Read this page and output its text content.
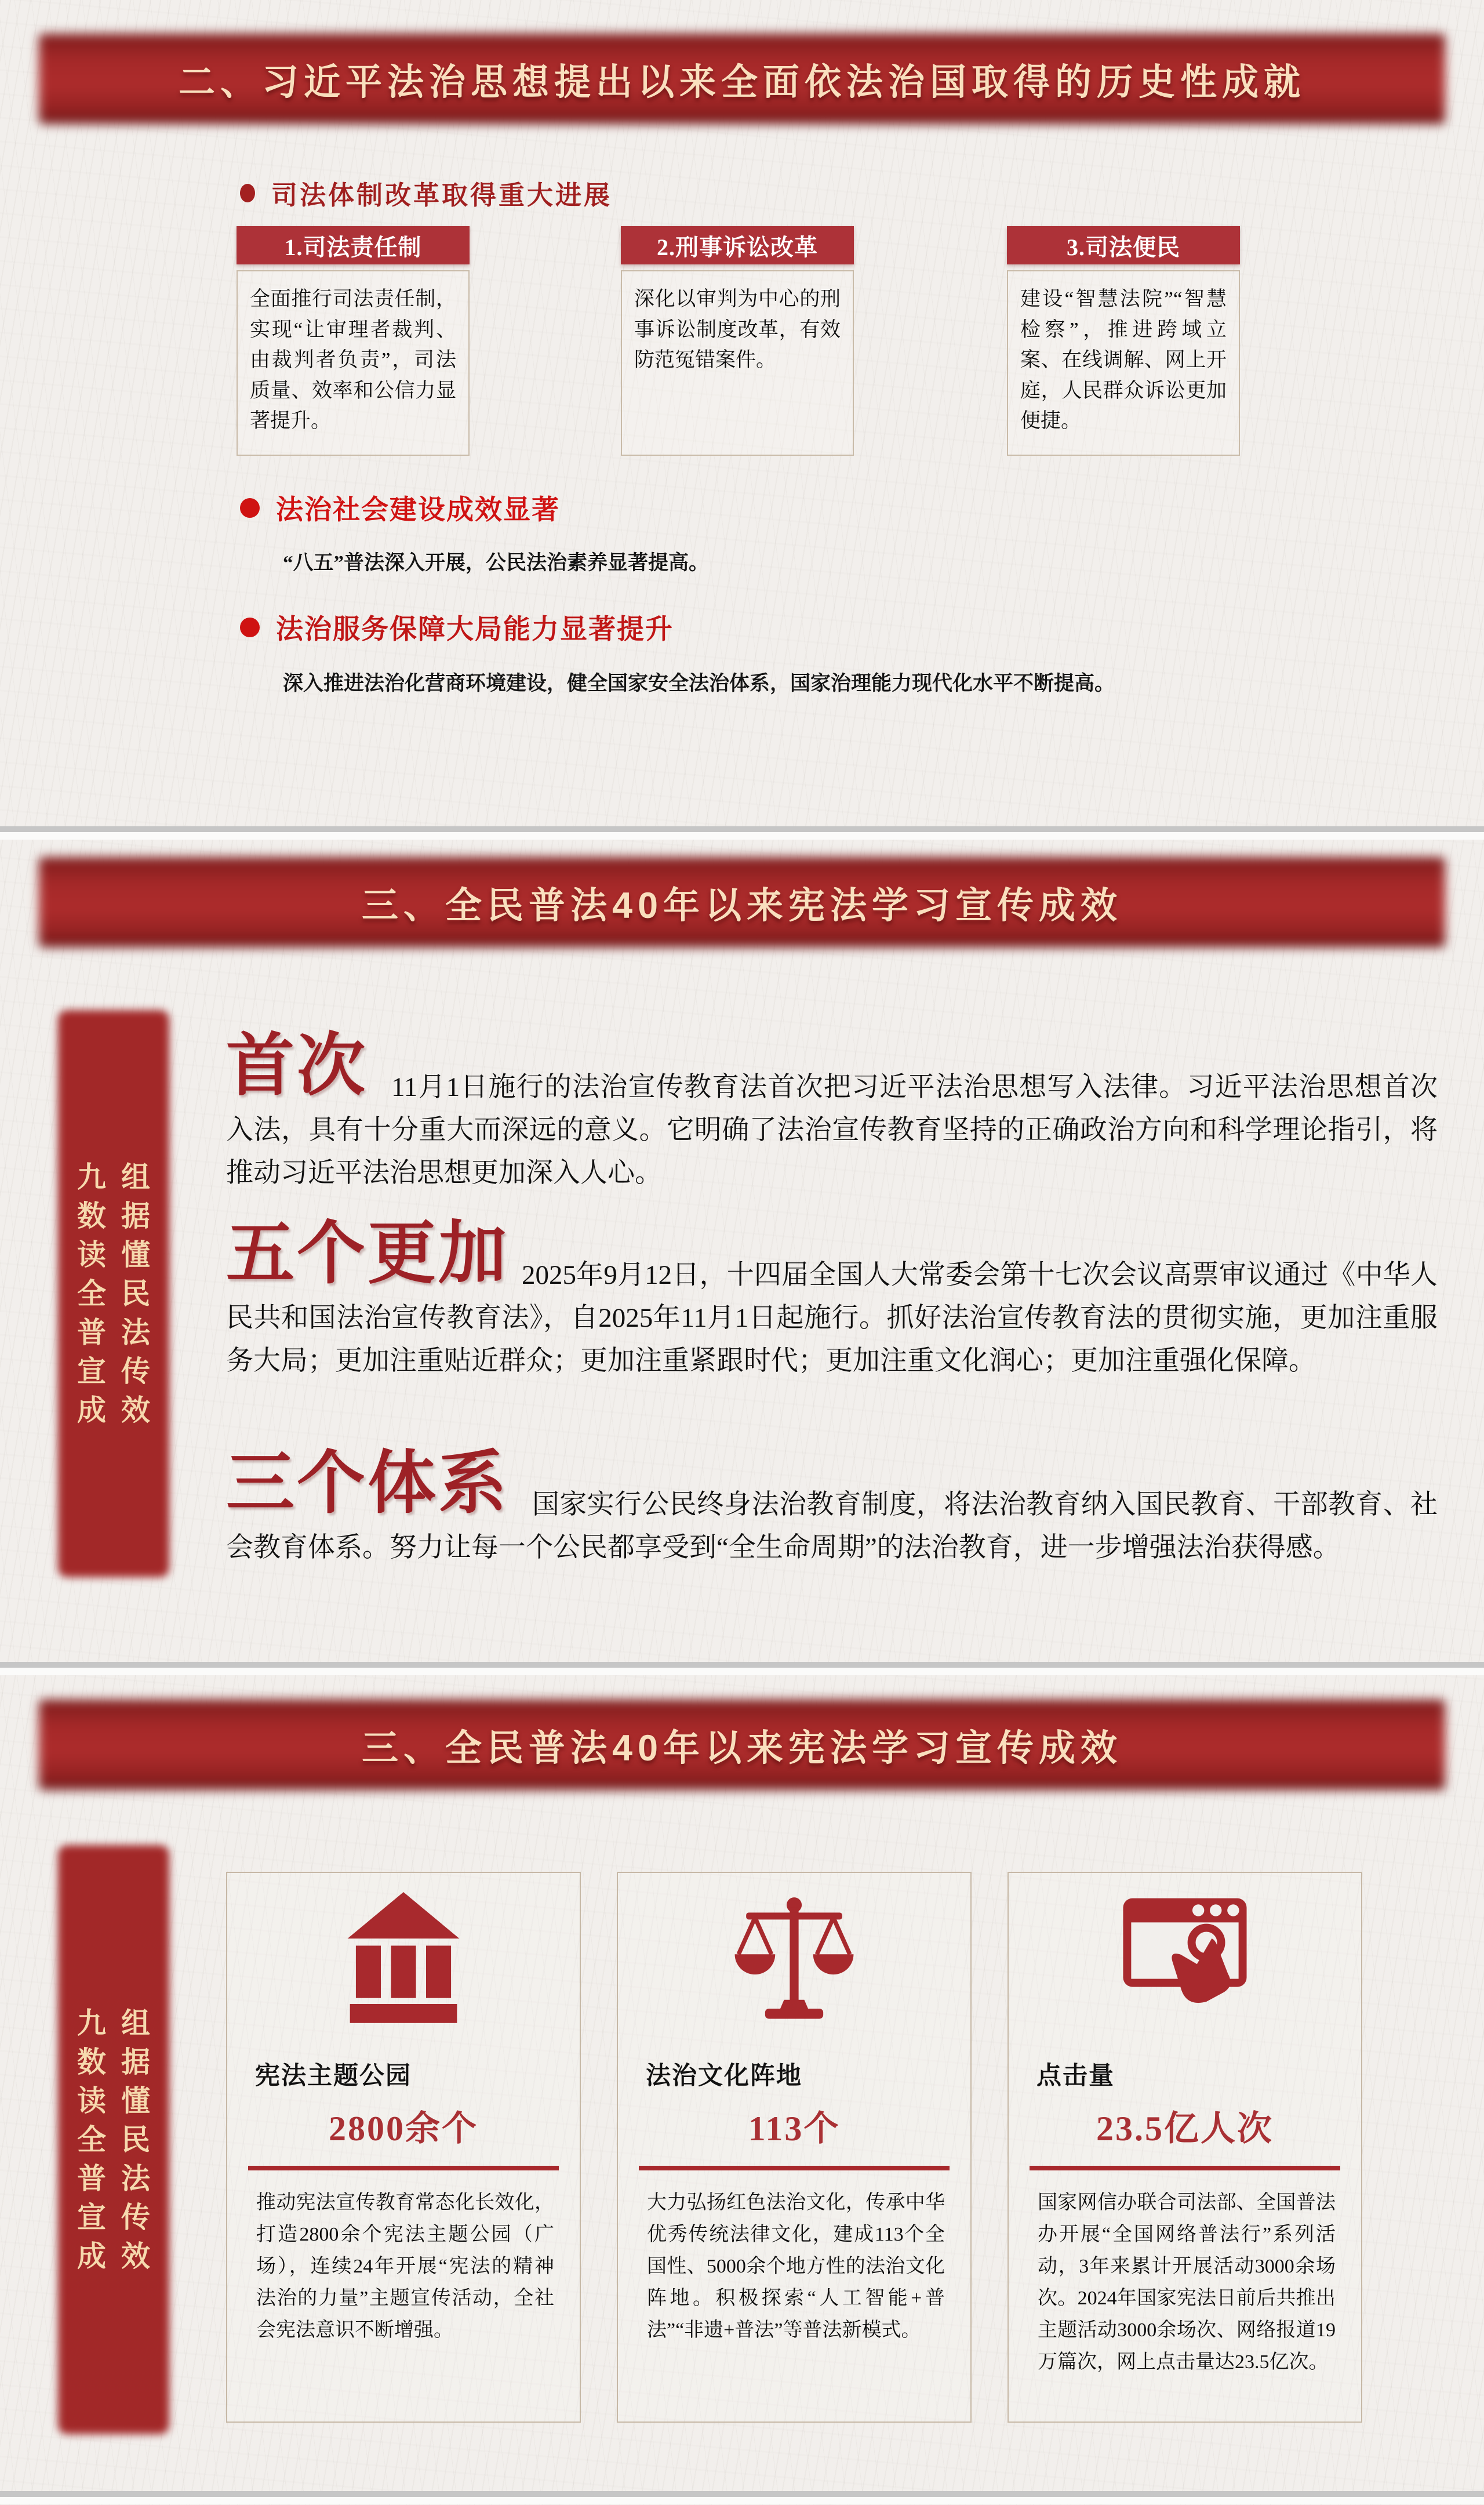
二、习近平法治思想提出以来全面依法治国取得的历史性成就
司法体制改革取得重大进展
1.司法责任制
全面推行司法责任制，实现“让审理者裁判、由裁判者负责”，司法质量、效率和公信力显著提升。
2.刑事诉讼改革
深化以审判为中心的刑事诉讼制度改革，有效防范冤错案件。
3.司法便民
建设“智慧法院”“智慧检察”，推进跨域立案、在线调解、网上开庭，人民群众诉讼更加便捷。
法治社会建设成效显著

“八五”普法深入开展，公民法治素养显著提高。

法治服务保障大局能力显著提升

深入推进法治化营商环境建设，健全国家安全法治体系，国家治理能力现代化水平不断提高。

三、全民普法40年以来宪法学习宣传成效
九组
数据
读懂
全民
普法
宣传
成效
首次 11月1日施行的法治宣传教育法首次把习近平法治思想写入法律。习近平法治思想首次入法，具有十分重大而深远的意义。它明确了法治宣传教育坚持的正确政治方向和科学理论指引，将推动习近平法治思想更加深入人心。

五个更加 2025年9月12日，十四届全国人大常委会第十七次会议高票审议通过《中华人民共和国法治宣传教育法》，自2025年11月1日起施行。抓好法治宣传教育法的贯彻实施，更加注重服务大局；更加注重贴近群众；更加注重紧跟时代；更加注重文化润心；更加注重强化保障。

三个体系 国家实行公民终身法治教育制度，将法治教育纳入国民教育、干部教育、社会教育体系。努力让每一个公民都享受到“全生命周期”的法治教育，进一步增强法治获得感。

三、全民普法40年以来宪法学习宣传成效
九组
数据
读懂
全民
普法
宣传
成效
宪法主题公园
2800余个

推动宪法宣传教育常态化长效化，打造2800余个宪法主题公园（广场），连续24年开展“宪法的精神 法治的力量”主题宣传活动，全社会宪法意识不断增强。

法治文化阵地
113个

大力弘扬红色法治文化，传承中华优秀传统法律文化，建成113个全国性、5000余个地方性的法治文化阵地。积极探索“人工智能+普法”“非遗+普法”等普法新模式。

点击量
23.5亿人次

国家网信办联合司法部、全国普法办开展“全国网络普法行”系列活动，3年来累计开展活动3000余场次。2024年国家宪法日前后共推出主题活动3000余场次、网络报道19万篇次，网上点击量达23.5亿次。
